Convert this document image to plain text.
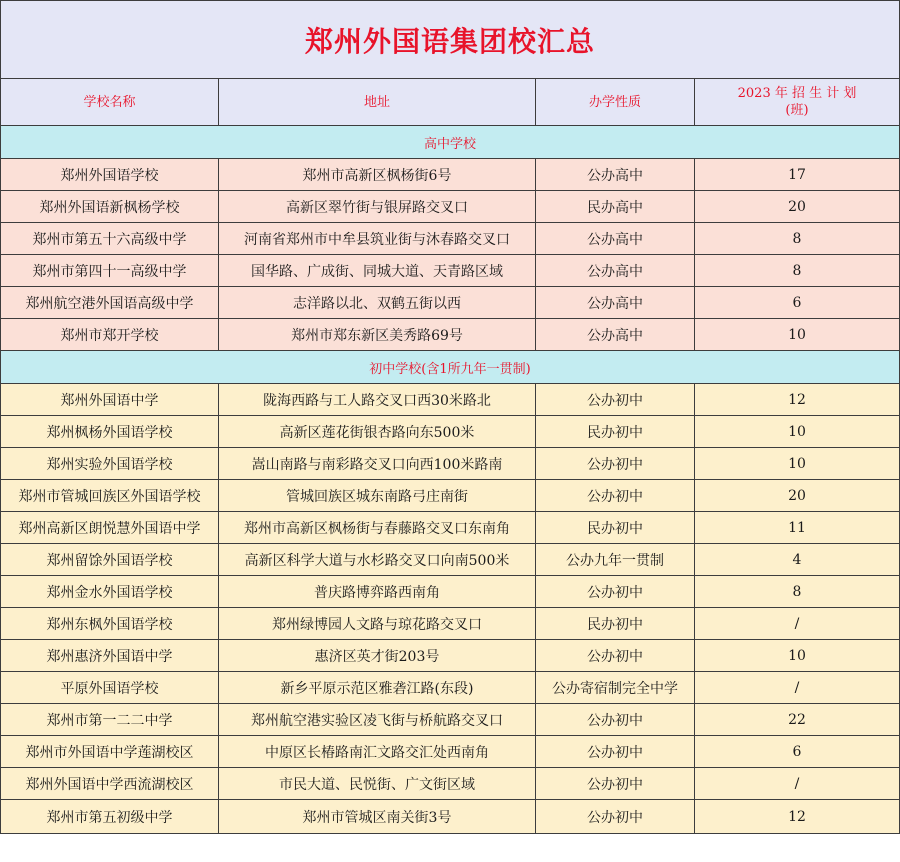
郑州外国语集团校汇总			
学校名称	地址	办学性质	2023 年 招 生 计 划
(班)

高中学校			
郑州外国语学校	郑州市高新区枫杨街6号	公办高中	17
郑州外国语新枫杨学校	高新区翠竹街与银屏路交叉口	民办高中	20
郑州市第五十六高级中学	河南省郑州市中牟县筑业街与沐春路交叉口	公办高中	8
郑州市第四十一高级中学	国华路、广成街、同城大道、天青路区域	公办高中	8
郑州航空港外国语高级中学	志洋路以北、双鹤五街以西	公办高中	6
郑州市郑开学校	郑州市郑东新区美秀路69号	公办高中	10
初中学校(含1所九年一贯制)			
郑州外国语中学	陇海西路与工人路交叉口西30米路北	公办初中	12
郑州枫杨外国语学校	高新区莲花街银杏路向东500米	民办初中	10
郑州实验外国语学校	嵩山南路与南彩路交叉口向西100米路南	公办初中	10
郑州市管城回族区外国语学校	管城回族区城东南路弓庄南街	公办初中	20
郑州高新区朗悦慧外国语中学	郑州市高新区枫杨街与春藤路交叉口东南角	民办初中	11
郑州留馀外国语学校	高新区科学大道与水杉路交叉口向南500米	公办九年一贯制	4
郑州金水外国语学校	普庆路博弈路西南角	公办初中	8
郑州东枫外国语学校	郑州绿博园人文路与琼花路交叉口	民办初中	/
郑州惠济外国语中学	惠济区英才街203号	公办初中	10
平原外国语学校	新乡平原示范区雅砻江路(东段)	公办寄宿制完全中学	/
郑州市第一二二中学	郑州航空港实验区凌飞街与桥航路交叉口	公办初中	22
郑州市外国语中学莲湖校区	中原区长椿路南汇文路交汇处西南角	公办初中	6
郑州外国语中学西流湖校区	市民大道、民悦街、广文街区域	公办初中	/
郑州市第五初级中学	郑州市管城区南关街3号	公办初中	12
